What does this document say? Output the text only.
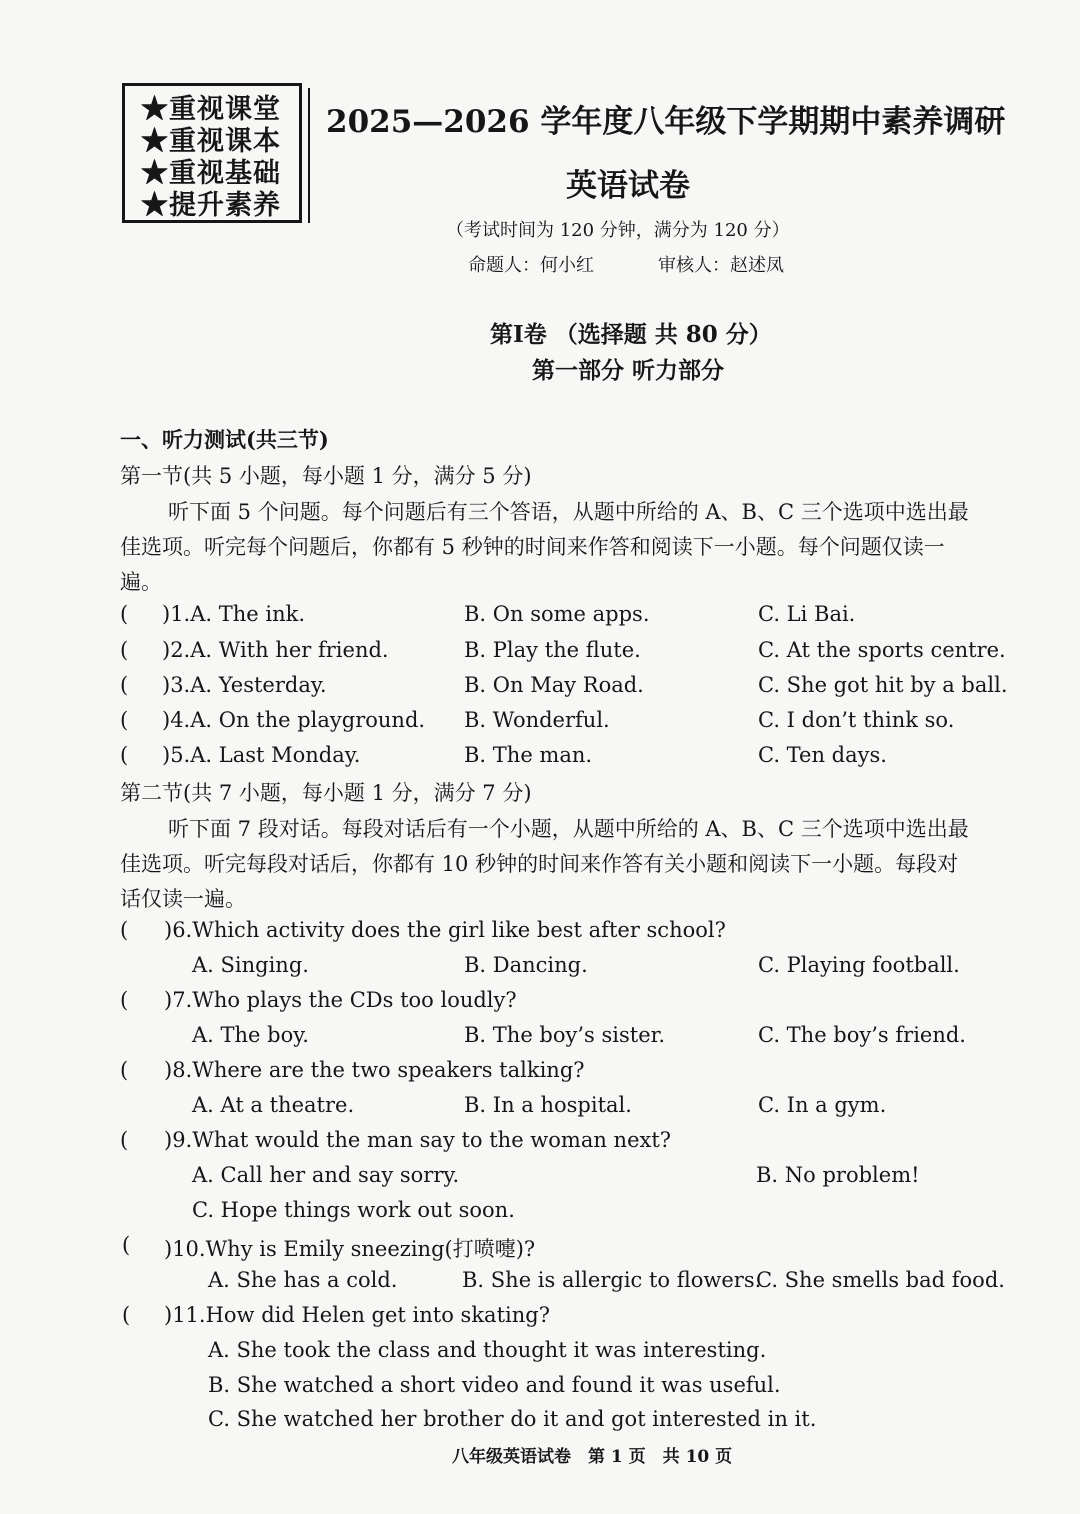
★重视课堂
★重视课本
★重视基础
★提升素养
2025—2026 学年度八年级下学期期中素养调研
英语试卷
（考试时间为 120 分钟，满分为 120 分）
命题人：何小红	审核人：赵述凤
第Ⅰ卷 （选择题 共 80 分）
第一部分 听力部分
一、听力测试(共三节)
第一节(共 5 小题，每小题 1 分，满分 5 分)
听下面 5 个问题。每个问题后有三个答语，从题中所给的 A、B、C 三个选项中选出最
佳选项。听完每个问题后，你都有 5 秒钟的时间来作答和阅读下一小题。每个问题仅读一
遍。
( )1.A. The ink.	B. On some apps.	C. Li Bai.
( )2.A. With her friend.	B. Play the flute.	C. At the sports centre.
( )3.A. Yesterday.	B. On May Road.	C. She got hit by a ball.
( )4.A. On the playground. B. Wonderful.	C. I don’t think so.
( )5.A. Last Monday.	B. The man.	C. Ten days.
第二节(共 7 小题，每小题 1 分，满分 7 分)
听下面 7 段对话。每段对话后有一个小题，从题中所给的 A、B、C 三个选项中选出最
佳选项。听完每段对话后，你都有 10 秒钟的时间来作答有关小题和阅读下一小题。每段对
话仅读一遍。
( )6.Which activity does the girl like best after school?
A. Singing.	B. Dancing.	C. Playing football.
( )7.Who plays the CDs too loudly?
A. The boy.	B. The boy’s sister.	C. The boy’s friend.
( )8.Where are the two speakers talking?
A. At a theatre.	B. In a hospital.	C. In a gym.
( )9.What would the man say to the woman next?
A. Call her and say sorry.	B. No problem!
C. Hope things work out soon.
( )10.Why is Emily sneezing(打喷嚏)?
A. She has a cold.	B. She is allergic to flowers.
C. She smells bad food.
( )11.How did Helen get into skating?
A. She took the class and thought it was interesting.
B. She watched a short video and found it was useful.
C. She watched her brother do it and got interested in it.
八年级英语试卷　第 1 页　共 10 页
